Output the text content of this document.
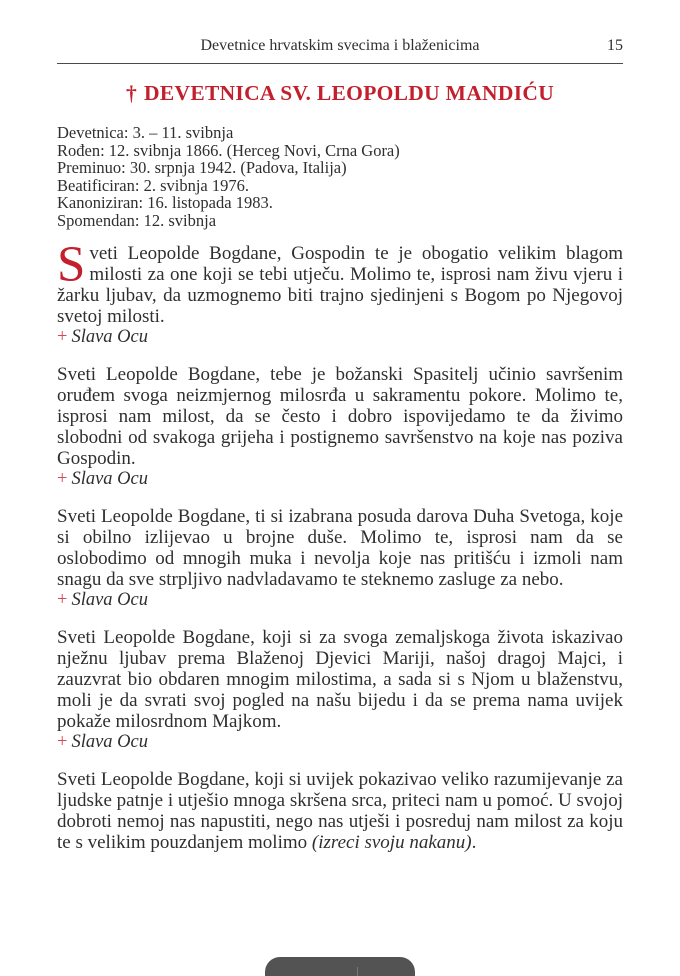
Devetnice hrvatskim svecima i blaženicima	15
† DEVETNICA SV. LEOPOLDU MANDIĆU
Devetnica: 3. – 11. svibnja
Rođen: 12. svibnja 1866. (Herceg Novi, Crna Gora)
Preminuo: 30. srpnja 1942. (Padova, Italija)
Beatificiran: 2. svibnja 1976.
Kanoniziran: 16. listopada 1983.
Spomendan: 12. svibnja

Sveti Leopolde Bogdane, Gospodin te je obogatio velikim blagom milosti za one koji se tebi utječu. Molimo te, isprosi nam živu vjeru i žarku ljubav, da uzmognemo biti trajno sjedinjeni s Bogom po Njegovoj svetoj milosti.

+ Slava Ocu

Sveti Leopolde Bogdane, tebe je božanski Spasitelj učinio savršenim oruđem svoga neizmjernog milosrđa u sakramentu pokore. Molimo te, isprosi nam milost, da se često i dobro ispovijedamo te da živimo slobodni od svakoga grijeha i postignemo savršenstvo na koje nas poziva Gospodin.

+ Slava Ocu

Sveti Leopolde Bogdane, ti si izabrana posuda darova Duha Svetoga, koje si obilno izlijevao u brojne duše. Molimo te, isprosi nam da se oslobodimo od mnogih muka i nevolja koje nas pritišću i izmoli nam snagu da sve strpljivo nadvladavamo te steknemo zasluge za nebo.

+ Slava Ocu

Sveti Leopolde Bogdane, koji si za svoga zemaljskoga života iskazivao nježnu ljubav prema Blaženoj Djevici Mariji, našoj dragoj Majci, i zauzvrat bio obdaren mnogim milostima, a sada si s Njom u blaženstvu, moli je da svrati svoj pogled na našu bijedu i da se prema nama uvijek pokaže milosrdnom Majkom.

+ Slava Ocu

Sveti Leopolde Bogdane, koji si uvijek pokazivao veliko razumijevanje za ljudske patnje i utješio mnoga skršena srca, priteci nam u pomoć. U svojoj dobroti nemoj nas napustiti, nego nas utješi i posreduj nam milost za koju te s velikim pouzdanjem molimo (izreci svoju nakanu).
